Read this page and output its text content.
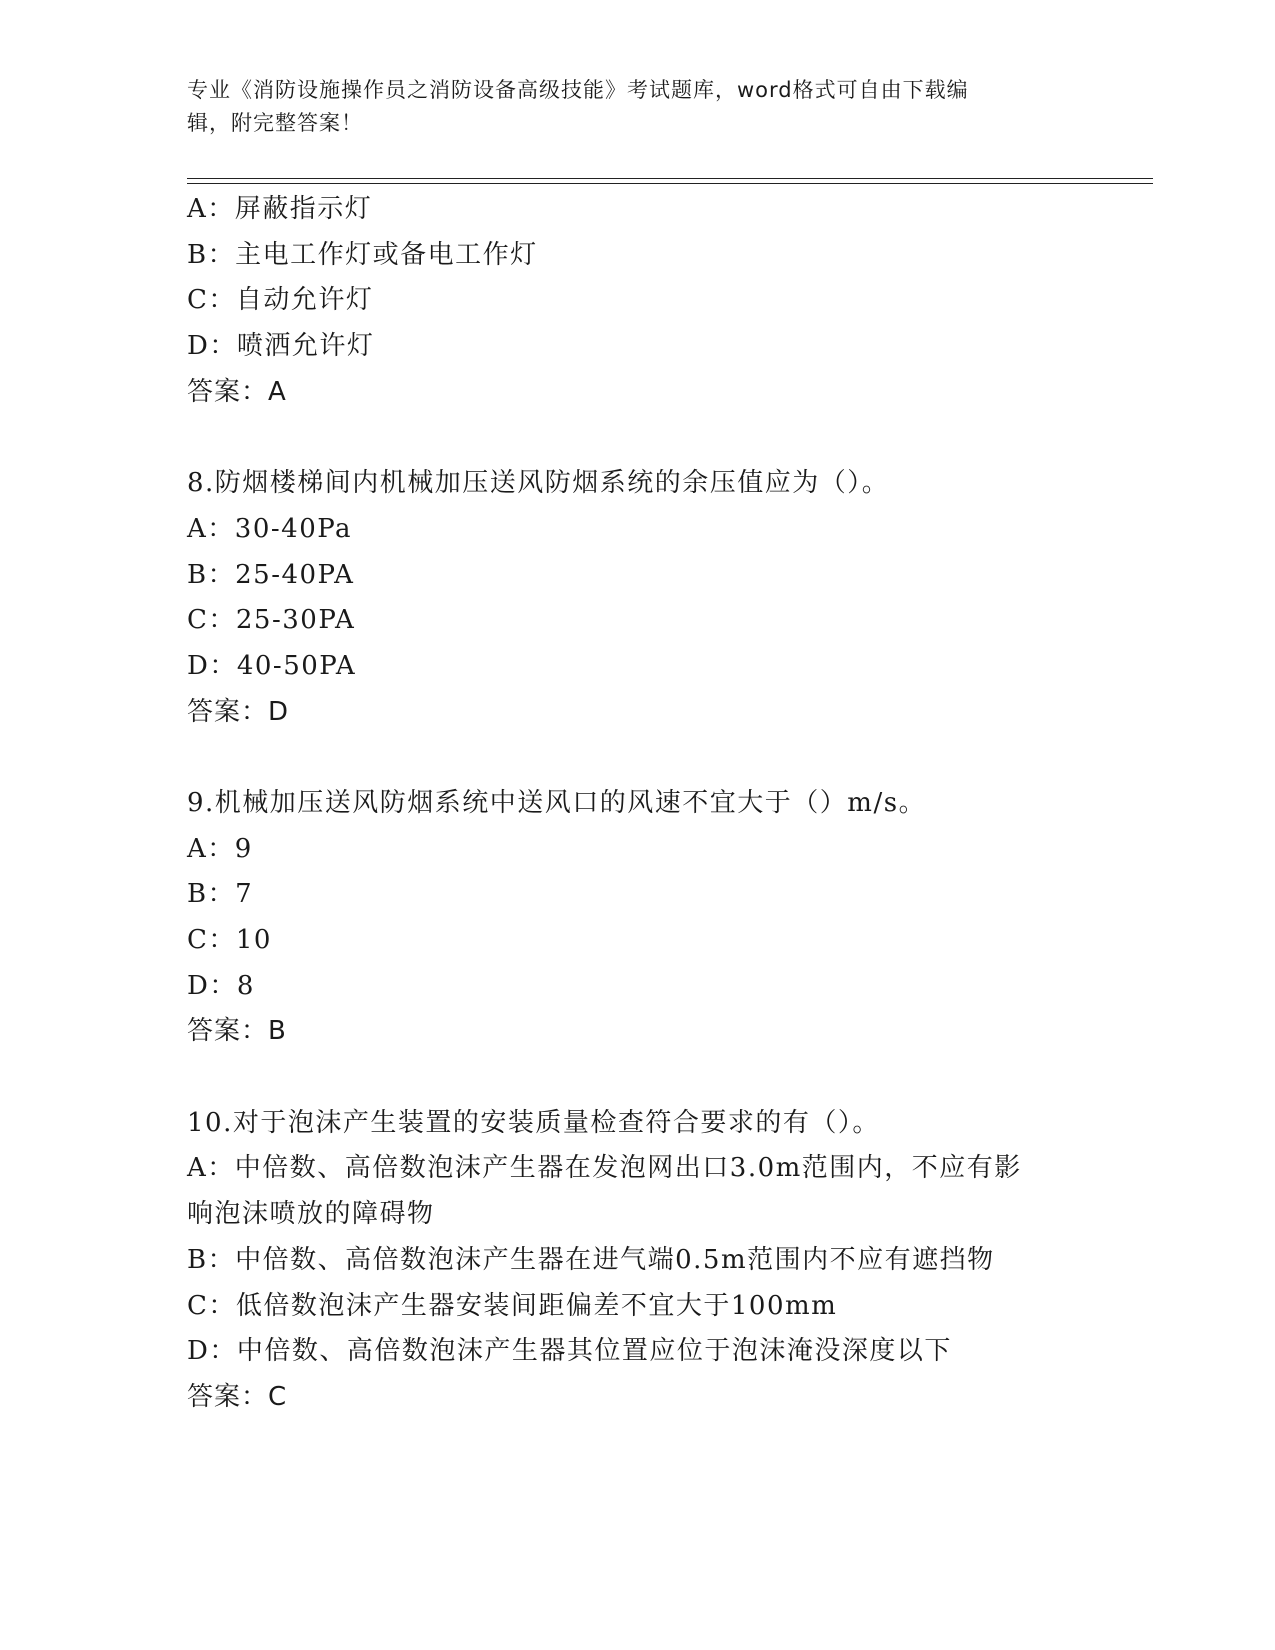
专业《消防设施操作员之消防设备高级技能》考试题库，word格式可自由下载编
辑，附完整答案！
A：屏蔽指示灯
B：主电工作灯或备电工作灯
C：自动允许灯
D：喷洒允许灯
答案：A
8.防烟楼梯间内机械加压送风防烟系统的余压值应为（）。
A：30-40Pa
B：25-40PA
C：25-30PA
D：40-50PA
答案：D
9.机械加压送风防烟系统中送风口的风速不宜大于（）m/s。
A：9
B：7
C：10
D：8
答案：B
10.对于泡沫产生装置的安装质量检查符合要求的有（）。
A：中倍数、高倍数泡沫产生器在发泡网出口3.0m范围内，不应有影
响泡沫喷放的障碍物
B：中倍数、高倍数泡沫产生器在进气端0.5m范围内不应有遮挡物
C：低倍数泡沫产生器安装间距偏差不宜大于100mm
D：中倍数、高倍数泡沫产生器其位置应位于泡沫淹没深度以下
答案：C
